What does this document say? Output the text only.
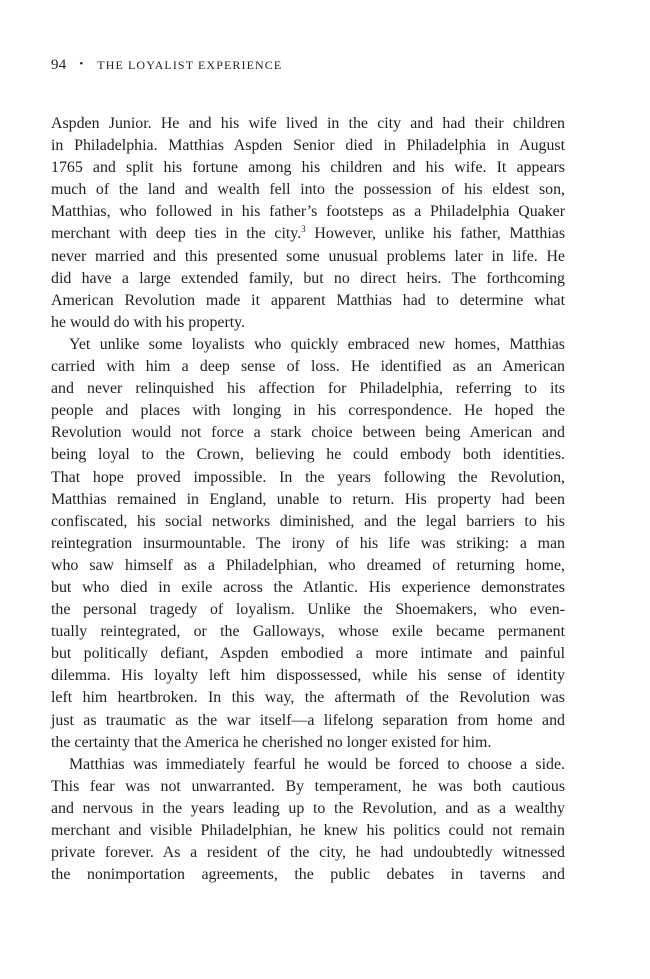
94 • THE LOYALIST EXPERIENCE
Aspden Junior. He and his wife lived in the city and had their children
in Philadelphia. Matthias Aspden Senior died in Philadelphia in August
1765 and split his fortune among his children and his wife. It appears
much of the land and wealth fell into the possession of his eldest son,
Matthias, who followed in his father’s footsteps as a Philadelphia Quaker
merchant with deep ties in the city.$^3$ However, unlike his father, Matthias
never married and this presented some unusual problems later in life. He
did have a large extended family, but no direct heirs. The forthcoming
American Revolution made it apparent Matthias had to determine what
he would do with his property.
Yet unlike some loyalists who quickly embraced new homes, Matthias
carried with him a deep sense of loss. He identified as an American
and never relinquished his affection for Philadelphia, referring to its
people and places with longing in his correspondence. He hoped the
Revolution would not force a stark choice between being American and
being loyal to the Crown, believing he could embody both identities.
That hope proved impossible. In the years following the Revolution,
Matthias remained in England, unable to return. His property had been
confiscated, his social networks diminished, and the legal barriers to his
reintegration insurmountable. The irony of his life was striking: a man
who saw himself as a Philadelphian, who dreamed of returning home,
but who died in exile across the Atlantic. His experience demonstrates
the personal tragedy of loyalism. Unlike the Shoemakers, who even-
tually reintegrated, or the Galloways, whose exile became permanent
but politically defiant, Aspden embodied a more intimate and painful
dilemma. His loyalty left him dispossessed, while his sense of identity
left him heartbroken. In this way, the aftermath of the Revolution was
just as traumatic as the war itself—a lifelong separation from home and
the certainty that the America he cherished no longer existed for him.
Matthias was immediately fearful he would be forced to choose a side.
This fear was not unwarranted. By temperament, he was both cautious
and nervous in the years leading up to the Revolution, and as a wealthy
merchant and visible Philadelphian, he knew his politics could not remain
private forever. As a resident of the city, he had undoubtedly witnessed
the nonimportation agreements, the public debates in taverns and
